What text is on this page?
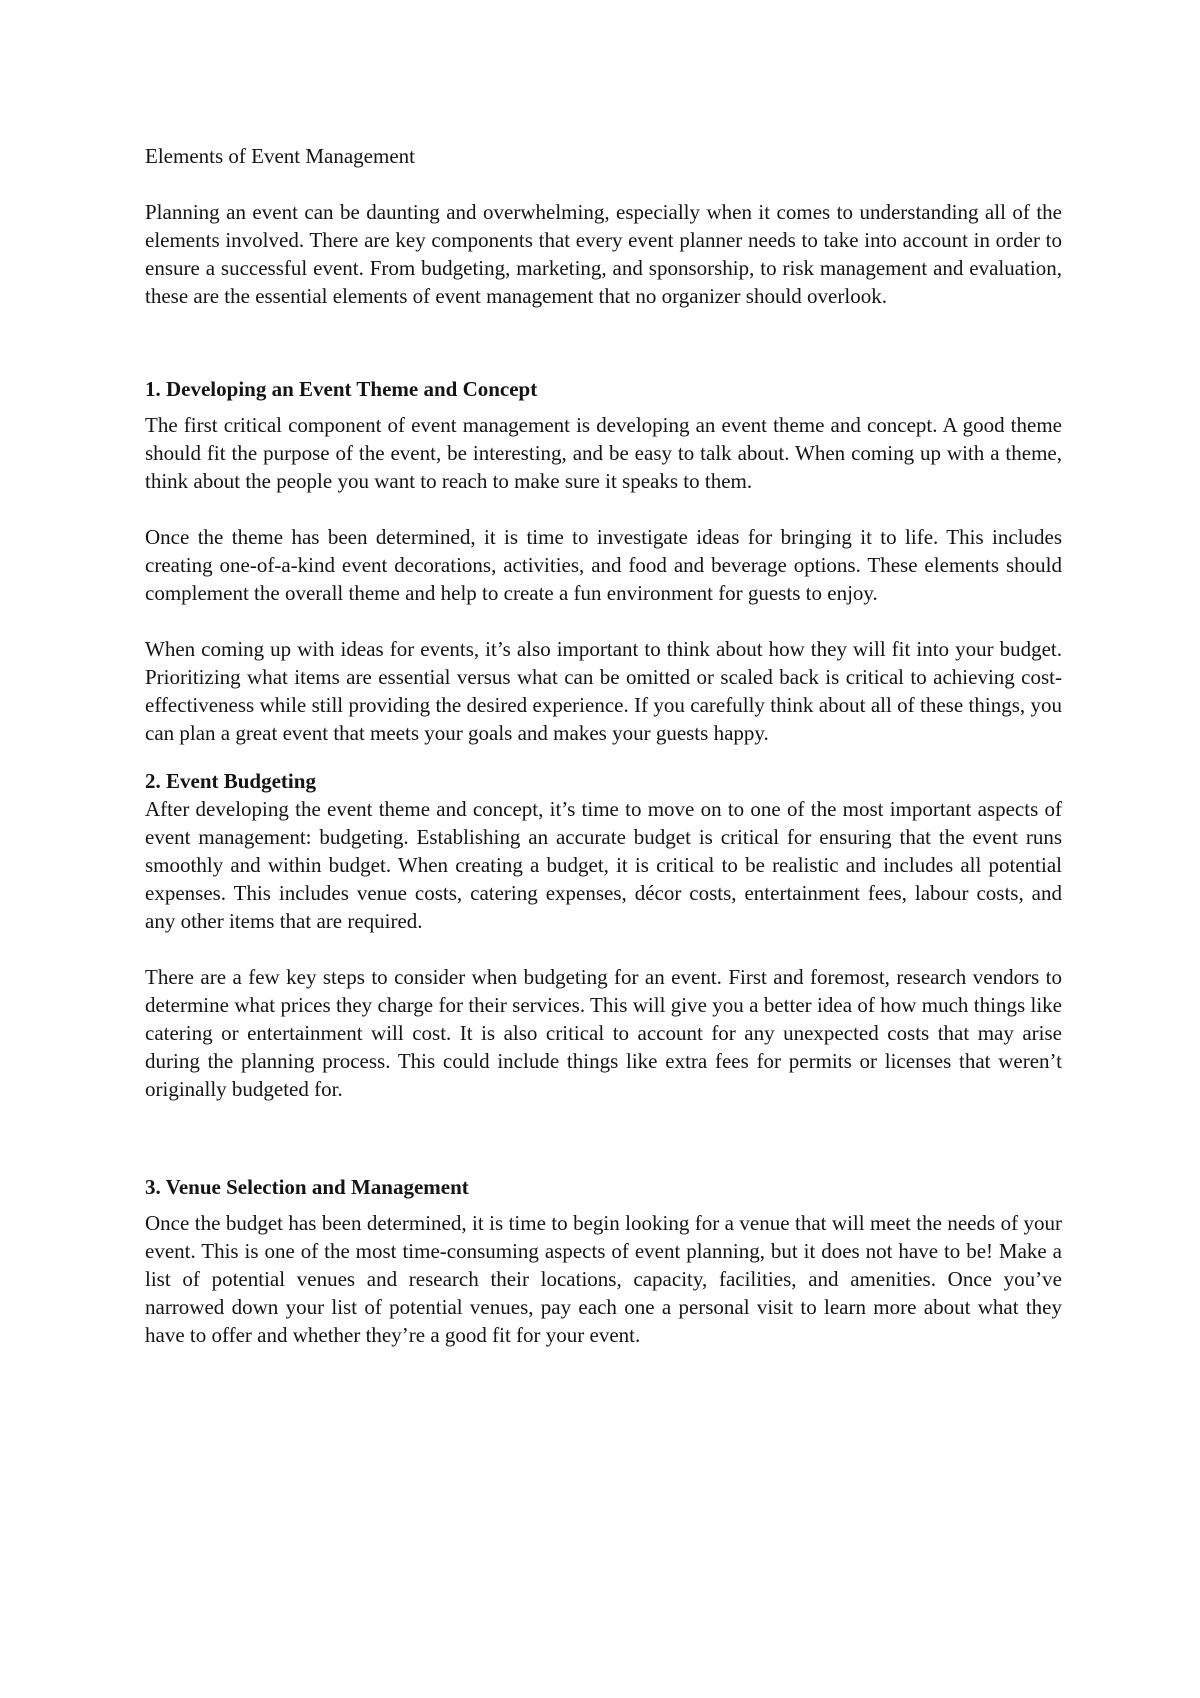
Elements of Event Management

Planning an event can be daunting and overwhelming, especially when it comes to understanding all of the elements involved. There are key components that every event planner needs to take into account in order to ensure a successful event. From budgeting, marketing, and sponsorship, to risk management and evaluation, these are the essential elements of event management that no organizer should overlook.

1. Developing an Event Theme and Concept

The first critical component of event management is developing an event theme and concept. A good theme should fit the purpose of the event, be interesting, and be easy to talk about. When coming up with a theme, think about the people you want to reach to make sure it speaks to them.

Once the theme has been determined, it is time to investigate ideas for bringing it to life. This includes creating one-of-a-kind event decorations, activities, and food and beverage options. These elements should complement the overall theme and help to create a fun environment for guests to enjoy.

When coming up with ideas for events, it’s also important to think about how they will fit into your budget. Prioritizing what items are essential versus what can be omitted or scaled back is critical to achieving cost-effectiveness while still providing the desired experience. If you carefully think about all of these things, you can plan a great event that meets your goals and makes your guests happy.

2. Event Budgeting

After developing the event theme and concept, it’s time to move on to one of the most important aspects of event management: budgeting. Establishing an accurate budget is critical for ensuring that the event runs smoothly and within budget. When creating a budget, it is critical to be realistic and includes all potential expenses. This includes venue costs, catering expenses, décor costs, entertainment fees, labour costs, and any other items that are required.

There are a few key steps to consider when budgeting for an event. First and foremost, research vendors to determine what prices they charge for their services. This will give you a better idea of how much things like catering or entertainment will cost. It is also critical to account for any unexpected costs that may arise during the planning process. This could include things like extra fees for permits or licenses that weren’t originally budgeted for.

3. Venue Selection and Management

Once the budget has been determined, it is time to begin looking for a venue that will meet the needs of your event. This is one of the most time-consuming aspects of event planning, but it does not have to be! Make a list of potential venues and research their locations, capacity, facilities, and amenities. Once you’ve narrowed down your list of potential venues, pay each one a personal visit to learn more about what they have to offer and whether they’re a good fit for your event.
